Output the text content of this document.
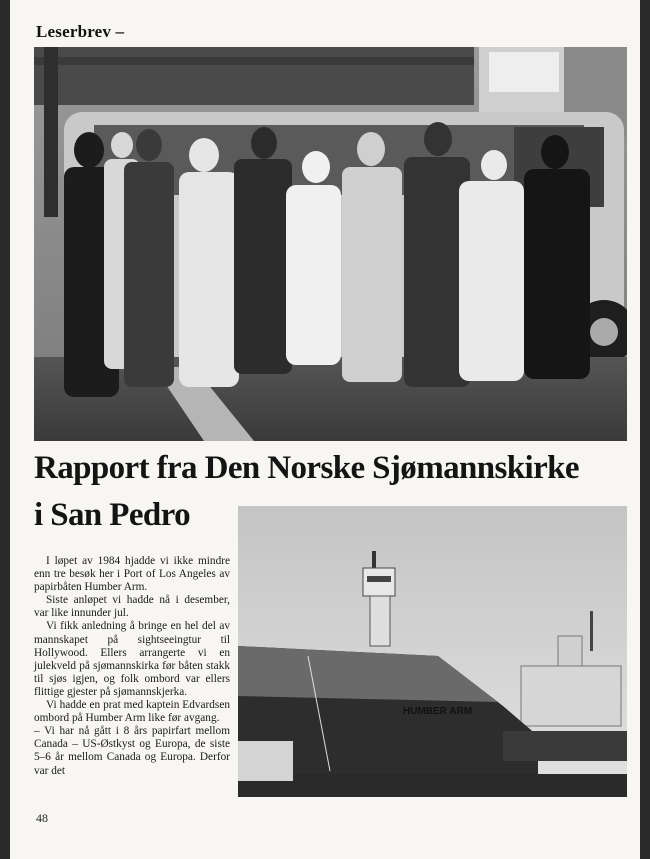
Leserbrev –
Rapport fra Den Norske Sjømannskirke
i San Pedro
HUMBER ARM

I løpet av 1984 hjadde vi ikke mindre enn tre besøk her i Port of Los Angeles av papirbåten Humber Arm.

Siste anløpet vi hadde nå i desember, var like innunder jul.

Vi fikk anledning å bringe en hel del av mannskapet på sightseeingtur til Hollywood. Ellers arrangerte vi en julekveld på sjømannskirka før båten stakk til sjøs igjen, og folk ombord var ellers flittige gjester på sjømannskjerka.

Vi hadde en prat med kaptein Edvardsen ombord på Humber Arm like før avgang.

– Vi har nå gått i 8 års papirfart mellom Canada – US-Østkyst og Europa, de siste 5–6 år mellom Canada og Europa. Derfor var det

48
